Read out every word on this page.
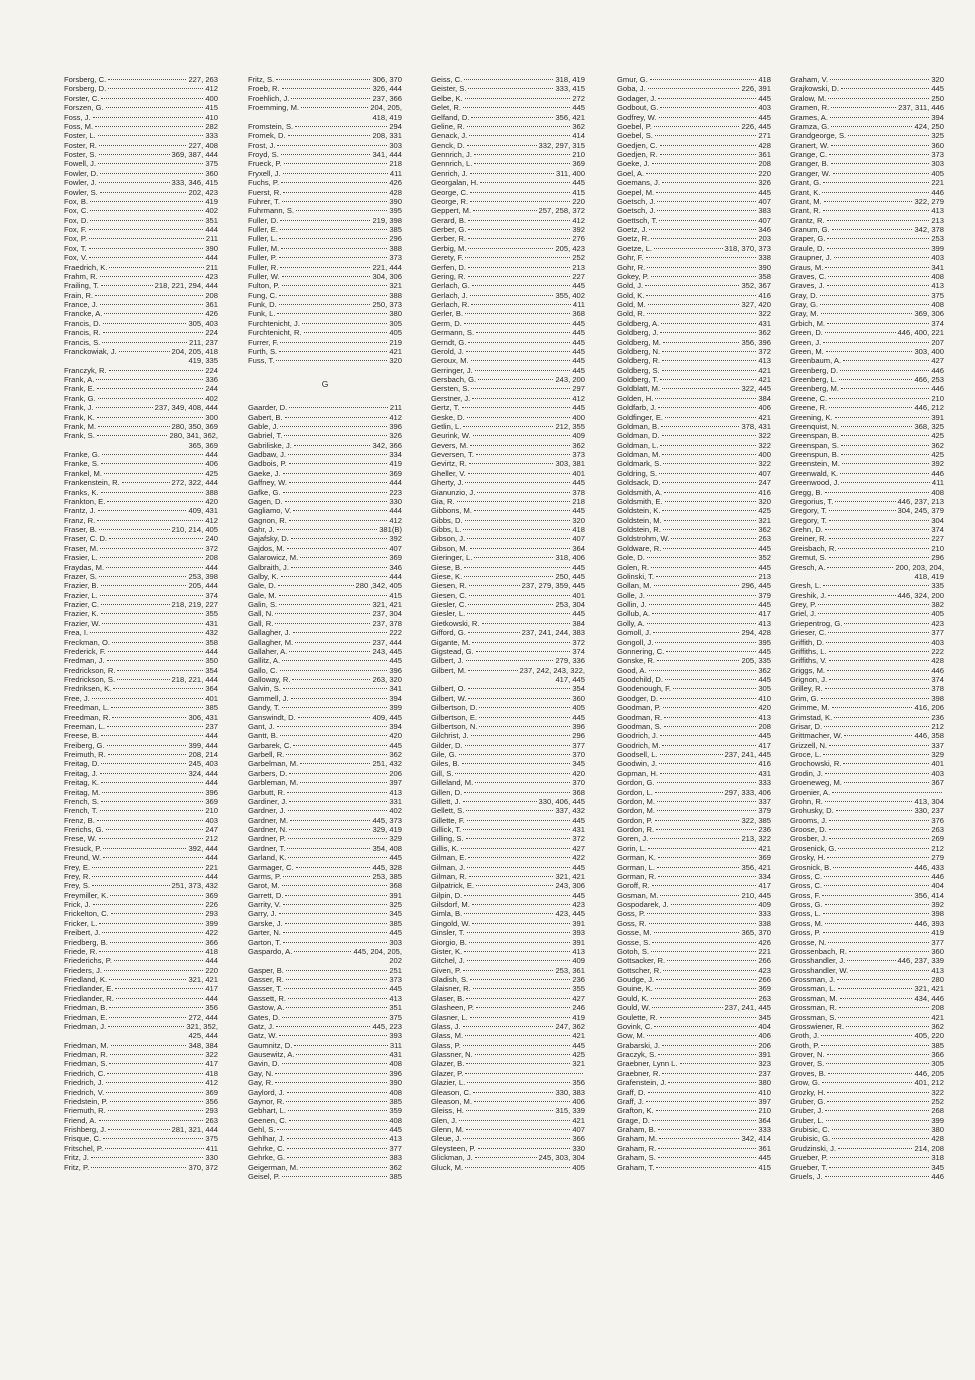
Forsberg, C.	227, 263
Forsberg, D.	412
Forster, C.	400
Forszen, G.	415
Foss, J.	410
Foss, M.	282
Foster, L.	333
Foster, R.	227, 408
Foster, S.	369, 387, 444
Fowell, J.	375
Fowler, D.	360
Fowler, J.	333, 346, 415
Fowler, S.	202, 423
Fox, B.	419
Fox, C.	402
Fox, D.	351
Fox, F.	444
Fox, P.	211
Fox, T.	390
Fox, V.	444
Fraedrich, K.	211
Frahm, R.	423
Frailing, T.	218, 221, 294, 444
Frain, R.	208
France, J.	361
Francke, A.	426
Francis, D.	305, 403
Francis, R.	224
Francis, S.	211, 237
Franckowiak, J.	204, 205, 418
419, 335
Franczyk, R.	224
Frank, A.	336
Frank, E.	244
Frank, G.	402
Frank, J.	237, 349, 408, 444
Frank, K.	300
Frank, M.	280, 350, 369
Frank, S.	280, 341, 362,
365, 369
Franke, G.	444
Franke, S.	406
Frankel, M.	425
Frankenstein, R.	272, 322, 444
Franks, K.	388
Frankton, E.	420
Frantz, J.	409, 431
Franz, R.	412
Fraser, B.	210, 214, 405
Fraser, C. D.	240
Fraser, M.	372
Frasier, L.	208
Fraydas, M.	444
Frazer, S.	253, 398
Frazier, B.	205, 444
Frazier, L.	374
Frazier, C.	218, 219, 227
Frazier, K.	355
Frazier, W.	431
Frea, I.	432
Freckman, O.	358
Frederick, F.	444
Fredman, J.	350
Fredrickson, R.	354
Fredrickson, S.	218, 221, 444
Fredriksen, K.	364
Free, J.	401
Freedman, L.	385
Freedman, R.	306, 431
Freeman, L.	237
Freese, B.	444
Freiberg, G.	399, 444
Freimuth, R.	208, 214
Freitag, D.	245, 403
Freitag, J.	324, 444
Freitag, K.	444
Freitag, M.	396
French, S.	369
French, T.	210
Frenz, B.	403
Frerichs, G.	247
Frese, W.	212
Fresuck, P.	392, 444
Freund, W.	444
Frey, E.	221
Frey, R.	444
Frey, S.	251, 373, 432
Freymiller, K.	369
Frick, J.	226
Frickelton, C.	293
Fricker, L.	399
Freibert, J.	422
Friedberg, B.	366
Friede, R.	418
Friederichs, P.	444
Frieders, J.	220
Friedland, K.	321, 421
Friedlander, E.	417
Friedlander, R.	444
Friedman, B.	356
Friedman, E.	272, 444
Friedman, J.	321, 352,
425, 444
Friedman, M.	348, 384
Friedman, R.	322
Friedman, S.	417
Friedrich, C.	418
Friedrich, J.	412
Friedrich, V.	369
Friedstein, P.	356
Friemuth, R.	293
Friend, A.	263
Frishberg, J.	281, 321, 444
Frisque, C.	375
Fritschel, P.	411
Fritz, J.	330
Fritz, P.	370, 372
Fritz, S.	306, 370
Froeb, R.	326, 444
Froehlich, J.	237, 366
Froemming, M.	204, 205,
418, 419
Fromstein, S.	294
Fromek, D.	208, 331
Frost, J.	303
Froyd, S.	341, 444
Frueck, P.	218
Fryxell, J.	411
Fuchs, P.	426
Fuerst, R.	428
Fuhrer, T.	390
Fuhrmann, S.	395
Fuller, D.	219, 398
Fuller, E.	385
Fuller, L.	296
Fuller, M.	388
Fuller, P.	373
Fuller, R.	221, 444
Fuller, W.	304, 306
Fulton, P.	321
Fung, C.	388
Funk, D.	250, 373
Funk, L.	380
Furchtenicht, J.	305
Furchtenicht, R.	405
Furrer, F.	219
Furth, S.	421
Fuss, T.	320
G
Gaarder, D.	211
Gabert, B.	412
Gable, J.	396
Gabriel, T.	326
Gabriliske, J.	342, 366
Gadbaw, J.	334
Gadbois, P.	419
Gaeke, J.	369
Gaffney, W.	444
Gafke, G.	223
Gagen, D.	330
Gagliamo, V.	444
Gagnon, R.	412
Gahr, J.	381(B)
Gajafsky, D.	392
Gajdos, M.	407
Galarowicz, M.	369
Galbraith, J.	346
Galby, K.	444
Gale, D.	280 ,342, 405
Gale, M.	415
Galin, S.	321, 421
Gall, N.	237, 304
Gall, R.	237, 378
Gallagher, J.	222
Gallagher, M.	237, 444
Gallaher, A.	243, 445
Gallitz, A.	445
Gallo, C.	396
Galloway, R.	263, 320
Galvin, S.	341
Gammell, J.	394
Gandy, T.	399
Ganswindt, D.	409, 445
Gant, J.	394
Gantt, B.	420
Garbarek, C.	445
Garbell, R.	362
Garbelman, M.	251, 432
Garbers, D.	206
Garbleman, M.	397
Garbutt, R.	413
Gardiner, J.	331
Gardner, J.	402
Gardner, M.	445, 373
Gardner, N.	329, 419
Gardner, P.	329
Gardner, T.	354, 408
Garland, K.	445
Garmager, C.	445, 328
Garms, P.	253, 385
Garot, M.	368
Garrett, D.	391
Garrity, V.	325
Garry, J.	345
Garske, J.	385
Garter, N.	445
Garton, T.	303
Gaspardo, A.	445, 204, 205,
202
Gasper, B.	251
Gasser, R.	373
Gasser, T.	445
Gassett, R.	413
Gastow, A.	351
Gates, D.	375
Gatz, J.	445, 223
Gatz, W.	393
Gaumnitz, D.	311
Gausewitz, A.	431
Gavin, D.	408
Gay, N.	396
Gay, R.	390
Gaylord, J.	408
Gaynor, R.	385
Gebhart, L.	359
Geenen, C.	408
Gehl, S.	445
Gehlhar, J.	413
Gehrke, C.	377
Gehrke, G.	383
Geigerman, M.	362
Geisel, P.	385
Geiss, C.	318, 419
Geister, S.	333, 415
Gelbe, K.	272
Gelet, R.	445
Gelfand, D.	356, 421
Geline, R.	362
Genack, J.	414
Genck, D.	332, 297, 315
Gennrich, J.	210
Gennrich, L.	369
Genrich, J.	311, 400
Georgalan, H.	445
George, C.	415
George, R.	220
Geppert, M.	257, 258, 372
Gerard, B.	412
Gerber, G.	392
Gerber, R.	276
Gerbig, M.	205, 423
Gerety, F.	252
Gerfen, D.	213
Gering, R.	227
Gerlach, G.	445
Gerlach, J.	355, 402
Gerlach, R.	411
Gerler, B.	368
Germ, D.	445
Germann, S.	445
Gerndt, G.	445
Gerold, J.	445
Geroux, M.	445
Gerringer, J.	445
Gersbach, G.	243, 200
Gersten, S.	297
Gerstner, J.	412
Gertz, T.	445
Geske, D.	400
Getlin, L.	212, 355
Geurink, W.	409
Gevers, M.	362
Geversen, T.	373
Gevirtz, R.	303, 381
Gheller, V.	401
Gherty, J.	445
Gianunzio, J.	378
Gia, R.	218
Gibbons, M.	445
Gibbs, D.	320
Gibbs, L.	418
Gibson, J.	407
Gibson, M.	364
Gieringer, L.	318, 406
Giese, B.	445
Giese, K.	250, 445
Giesen, R.	237, 279, 359, 445
Giesen, C.	401
Giesler, C.	253, 304
Giesler, L.	445
Gietkowski, R.	384
Gifford, G.	237, 241, 244, 383
Gigante, M.	372
Gigstead, G.	374
Gilbert, J.	279, 336
Gilbert, M.	237, 242, 243, 322,
417, 445
Gilbert, O.	354
Gilbert, W.	360
Gilbertson, D.	405
Gilbertson, E.	445
Gilbertson, N.	396
Gilchrist, J.	296
Gilder, D.	377
Gile, G.	370
Giles, B.	345
Gill, S.	420
Gilleland, M.	370
Gillen, D.	368
Gillett, J.	330, 406, 445
Gellett, S.	337, 432
Gillette, F.	445
Gillick, T.	431
Gilling, S.	372
Gillis, K.	427
Gilman, E.	422
Gilman, J.	445
Gilman, R.	321, 421
Gilpatrick, E.	243, 306
Gilpin, D.	445
Gilsdorf, M.	423
Gimla, B.	423, 445
Gingold, W.	391
Ginsler, T.	393
Giorgio, B.	391
Gister, K.	413
Gitchel, J.	409
Given, P.	253, 361
Gladish, S.	236
Glaisner, R.	355
Glaser, B.	427
Glasheen, P.	246
Glasner, L.	419
Glass, J.	247, 362
Glass, M.	421
Glass, P.	445
Glassner, N.	425
Glazer, B.	321
Glazer, P.
Glazier, L.	356
Gleason, C.	330, 383
Gleason, M.	406
Gleiss, H.	315, 339
Glen, J.	421
Glenn, M.	407
Gleue, J.	366
Gleysteen, P.	330
Glickman, J.	245, 303, 304
Gluck, M.	405
Gmur, G.	418
Goba, J.	226, 391
Godager, J.	445
Godbout, G.	403
Godfrey, W.	445
Goebel, P.	226, 445
Goebel, S.	271
Goedjen, C.	428
Goedjen, R.	361
Goeke, J.	208
Goel, A.	220
Goemans, J.	326
Goepel, M.	445
Goetsch, J.	407
Goetsch, J.	383
Goettsch, T.	407
Goetz, J.	346
Goetz, R.	203
Goetze, L.	318, 370, 373
Gohr, F.	338
Gohr, R.	390
Gokey, P.	358
Gold, J.	352, 367
Gold, K.	416
Gold, M.	327, 420
Gold, R.	322
Goldberg, A.	431
Goldberg, J.	362
Goldberg, M.	356, 396
Goldberg, N.	372
Goldberg, R.	413
Goldberg, S.	421
Goldberg, T.	421
Goldblatt, M.	322, 445
Golden, H.	384
Goldfarb, J.	406
Goldfinger, E.	421
Goldman, B.	378, 431
Goldman, D.	322
Goldman, L.	322
Goldman, M.	400
Goldmark, S.	322
Goldring, S.	407
Goldsack, D.	247
Goldsmith, A.	416
Goldsmith, E.	320
Goldstein, K.	425
Goldstein, M.	321
Goldstein, R.	362
Goldstrohm, W.	263
Goldware, R.	445
Gole, D.	352
Golen, R.	445
Golinski, T.	213
Gollan, M.	296, 445
Golle, J.	379
Gollin, J.	445
Gollub, A.	417
Golly, A.	413
Gomoll, J.	294, 428
Gongoll, J.	395
Gonnering, C.	445
Gonske, R.	205, 335
Good, A.	362
Goodchild, D.	445
Goodenough, F.	305
Goodger, D.	410
Goodman, P.	420
Goodman, R.	413
Goodman, S.	208
Goodrich, J.	445
Goodrich, M.	417
Goodsell, L.	237, 241, 445
Goodwin, J.	416
Gopman, H.	431
Gordon, G.	333
Gordon, L.	297, 333, 406
Gordon, M.	337
Gordon, M.	379
Gordon, P.	322, 385
Gordon, R.	236
Goren, J.	213, 322
Gorin, L.	421
Gorman, K.	369
Gorman, L.	356, 421
Gorman, R.	334
Goroff, R.	417
Gosman, M.	210, 445
Gospodarek, J.	409
Goss, P.	333
Goss, R.	338
Gosse, M.	365, 370
Gosse, S.	426
Gotoh, S.	221
Gottsacker, R.	266
Gottscher, R.	423
Goudge, J.	266
Gouine, K.	369
Gould, K.	263
Gould, W.	237, 241, 445
Goulette, R.	345
Govink, C.	404
Gow, M.	406
Grabarski, J.	206
Graczyk, S.	391
Graebner, Lynn L.	323
Graebner, R.	237
Grafenstein, J.	380
Graff, D.	410
Graff, J.	397
Grafton, K.	210
Grage, D.	364
Graham, B.	333
Graham, M.	342, 414
Graham, R.	361
Graham, S.	445
Graham, T.	415
Graham, V.	320
Grajkowski, D.	445
Gralow, M.	250
Gramen, R.	237, 311, 446
Grames, A.	394
Gramza, G.	424, 250
Grandgeorge, S.	325
Granert, W.	360
Grange, C.	373
Granger, B.	303
Granger, W.	405
Grant, G.	221
Grant, K.	446
Grant, M.	322, 279
Grant, R.	413
Grantz, R.	213
Granum, G.	342, 378
Graper, G.	253
Graule, D.	399
Graupner, J.	403
Graus, M.	341
Graves, C.	408
Graves, J.	413
Gray, D.	375
Gray, G.	408
Gray, M.	369, 306
Grbich, M.	374
Green, D.	446, 400, 221
Green, J.	207
Green, M.	303, 400
Greenbaum, A.	427
Greenberg, D.	446
Greenberg, L.	466, 253
Greenberg, M.	446
Greene, C.	210
Greene, R.	446, 212
Greening, K.	391
Greenquist, N.	368, 325
Greenspan, B.	425
Greenspan, S.	362
Greenspun, B.	425
Greenstein, M.	392
Greenwald, K.	446
Greenwood, J.	411
Gregg, B.	408
Gregorius, T.	446, 237, 213
Gregory, T.	304, 245, 379
Gregory, T.	304
Grehn, D.	374
Greiner, R.	227
Greisbach, R.	210
Gremut, S.	296
Gresch, A.	200, 203, 204,
418, 419
Gresh, L.	335
Greshik, J.	446, 324, 200
Grey, P.	382
Griel, J.	405
Griepentrog, G.	423
Grieser, C.	377
Griffith, D.	403
Griffiths, L.	222
Griffiths, V.	428
Griggs, M.	446
Grignon, J.	374
Grilley, R.	378
Grim, G.	398
Grimme, M.	416, 206
Grimstad, K.	236
Grisar, D.	212
Grittmacher, W.	446, 358
Grizzell, N.	337
Groce, L.	329
Grochowski, R.	401
Grodin, J.	403
Groeneweg, M.	367
Groenier, A.
Grohn, R.	413, 304
Grohusky, D.	330, 237
Grooms, J.	376
Groose, D.	263
Grosber, J.	269
Grosenick, G.	212
Grosky, H.	279
Grosnick, B.	446, 433
Gross, C.	446
Gross, C.	404
Gross, F.	356, 414
Gross, G.	392
Gross, L.	398
Gross, M.	446, 393
Gross, P.	419
Grosse, N.	377
Grossenbach, R.	360
Grosshandler, J.	446, 237, 339
Grosshandler, W.	413
Grossman, J.	280
Grossman, L.	321, 421
Grossman, M.	434, 446
Grossman, R.	208
Grossman, S.	421
Grosswiener, R.	362
Groth, J.	405, 220
Groth, P.	385
Grover, N.	366
Grover, S.	305
Groves, B.	446, 205
Grow, G.	401, 212
Grozky, H.	322
Gruber, G.	252
Gruber, J.	268
Gruber, L.	399
Grubisic, C.	380
Grubisic, G.	428
Grudzinski, J.	214, 208
Grueber, P.	318
Grueber, T.	345
Gruels, J.	446
